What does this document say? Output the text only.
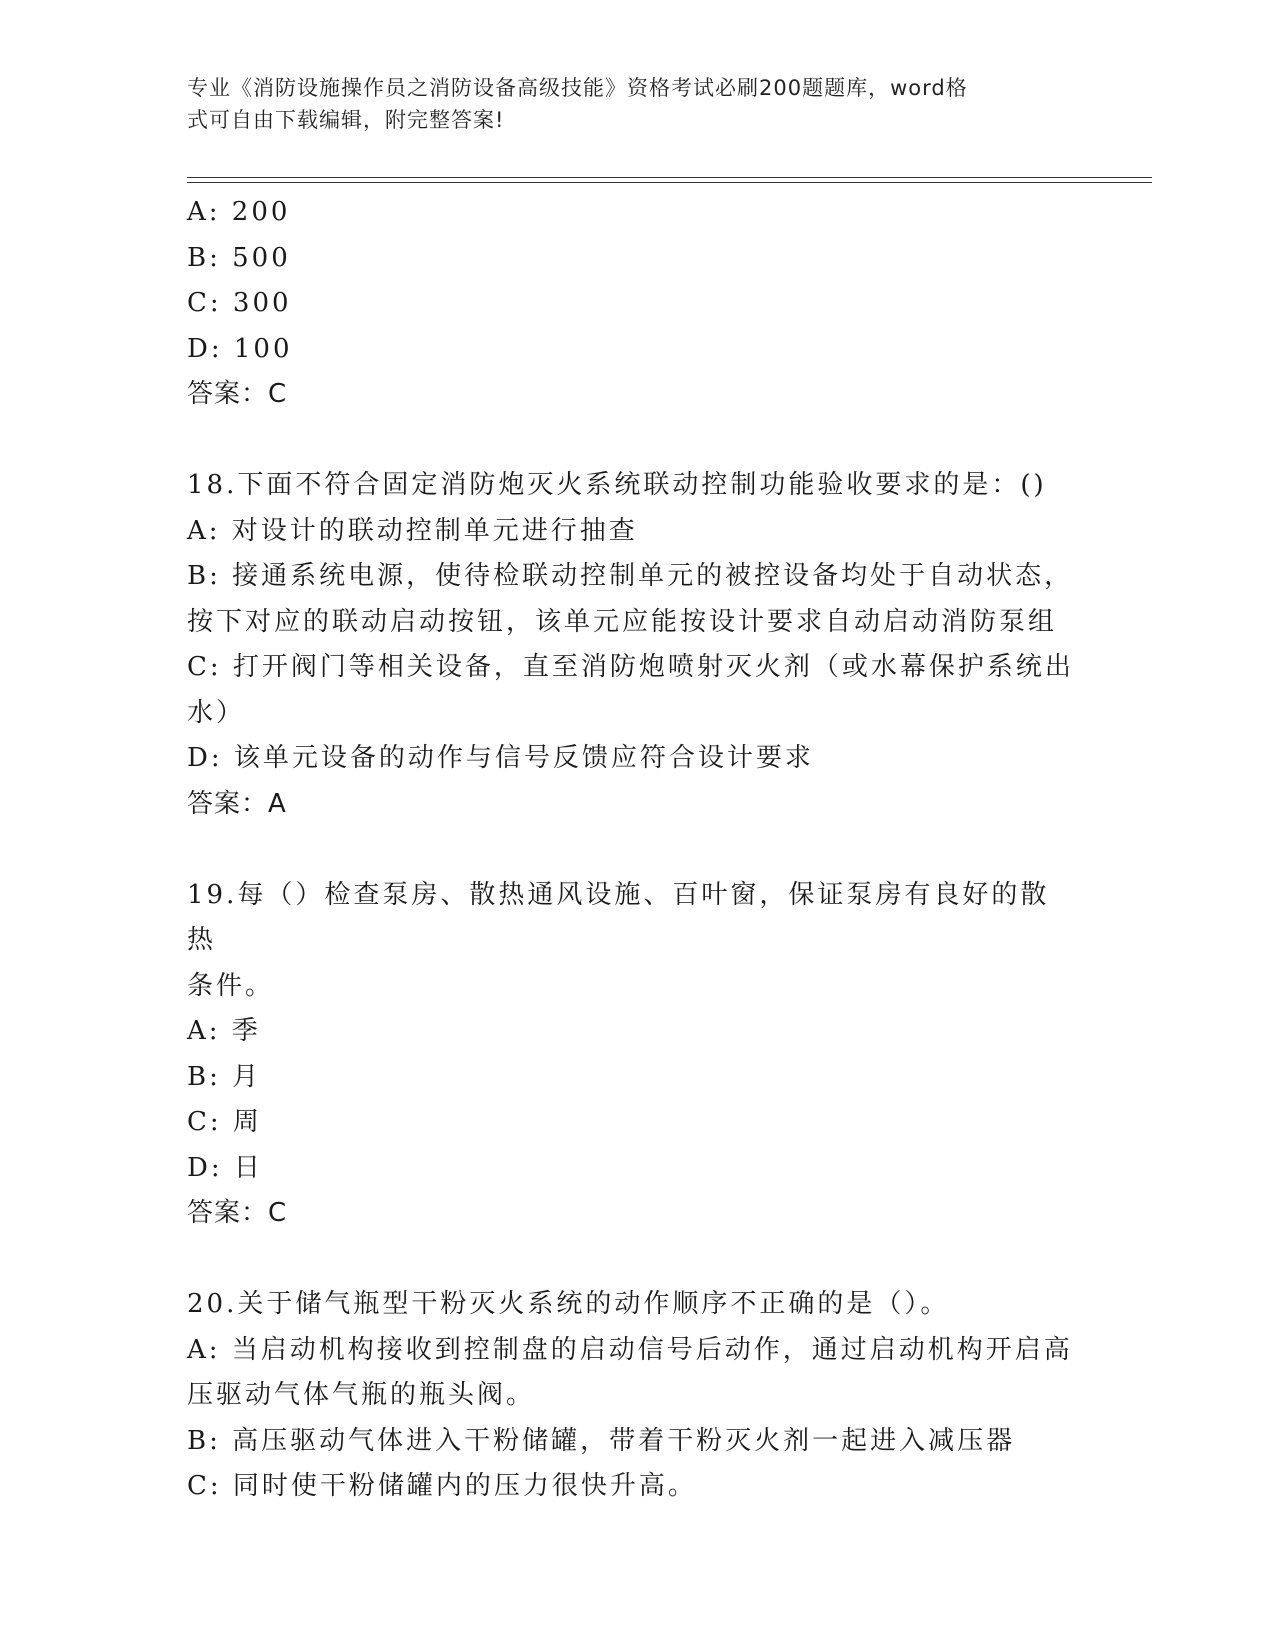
专业《消防设施操作员之消防设备高级技能》资格考试必刷200题题库，word格
式可自由下载编辑，附完整答案!
A: 200
B: 500
C: 300
D: 100
答案：C
18.下面不符合固定消防炮灭火系统联动控制功能验收要求的是：()
A: 对设计的联动控制单元进行抽查
B: 接通系统电源，使待检联动控制单元的被控设备均处于自动状态，
按下对应的联动启动按钮，该单元应能按设计要求自动启动消防泵组
C: 打开阀门等相关设备，直至消防炮喷射灭火剂（或水幕保护系统出
水）
D: 该单元设备的动作与信号反馈应符合设计要求
答案：A
19.每（）检查泵房、散热通风设施、百叶窗，保证泵房有良好的散热
条件。
A: 季
B: 月
C: 周
D: 日
答案：C
20.关于储气瓶型干粉灭火系统的动作顺序不正确的是（）。
A: 当启动机构接收到控制盘的启动信号后动作，通过启动机构开启高
压驱动气体气瓶的瓶头阀。
B: 高压驱动气体进入干粉储罐，带着干粉灭火剂一起进入减压器
C: 同时使干粉储罐内的压力很快升高。
